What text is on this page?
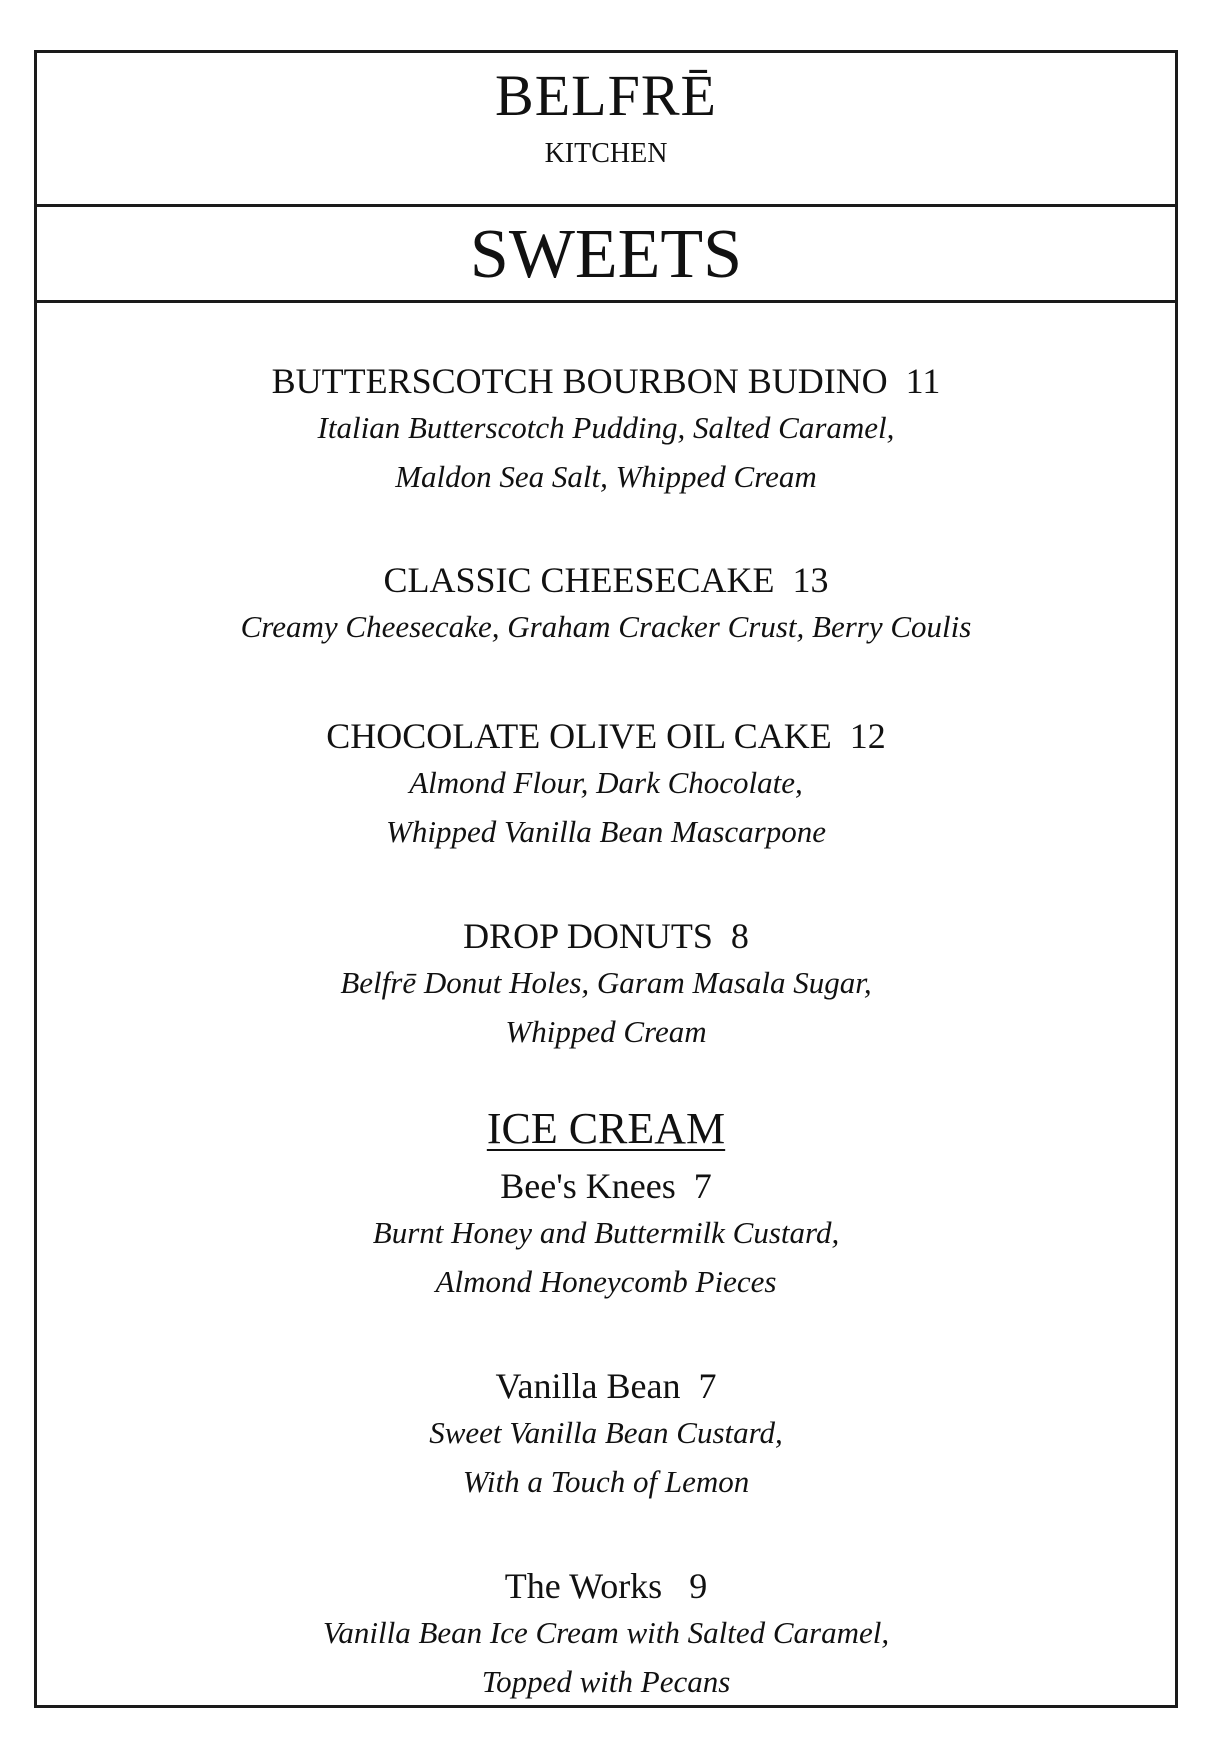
BELFRĒ
KITCHEN
SWEETS
BUTTERSCOTCH BOURBON BUDINO  11
Italian Butterscotch Pudding, Salted Caramel,
Maldon Sea Salt, Whipped Cream
CLASSIC CHEESECAKE  13
Creamy Cheesecake, Graham Cracker Crust, Berry Coulis
CHOCOLATE OLIVE OIL CAKE  12
Almond Flour, Dark Chocolate,
Whipped Vanilla Bean Mascarpone
DROP DONUTS  8
Belfrē Donut Holes, Garam Masala Sugar,
Whipped Cream
ICE CREAM
Bee's Knees  7
Burnt Honey and Buttermilk Custard,
Almond Honeycomb Pieces
Vanilla Bean  7
Sweet Vanilla Bean Custard,
With a Touch of Lemon
The Works   9
Vanilla Bean Ice Cream with Salted Caramel,
Topped with Pecans
